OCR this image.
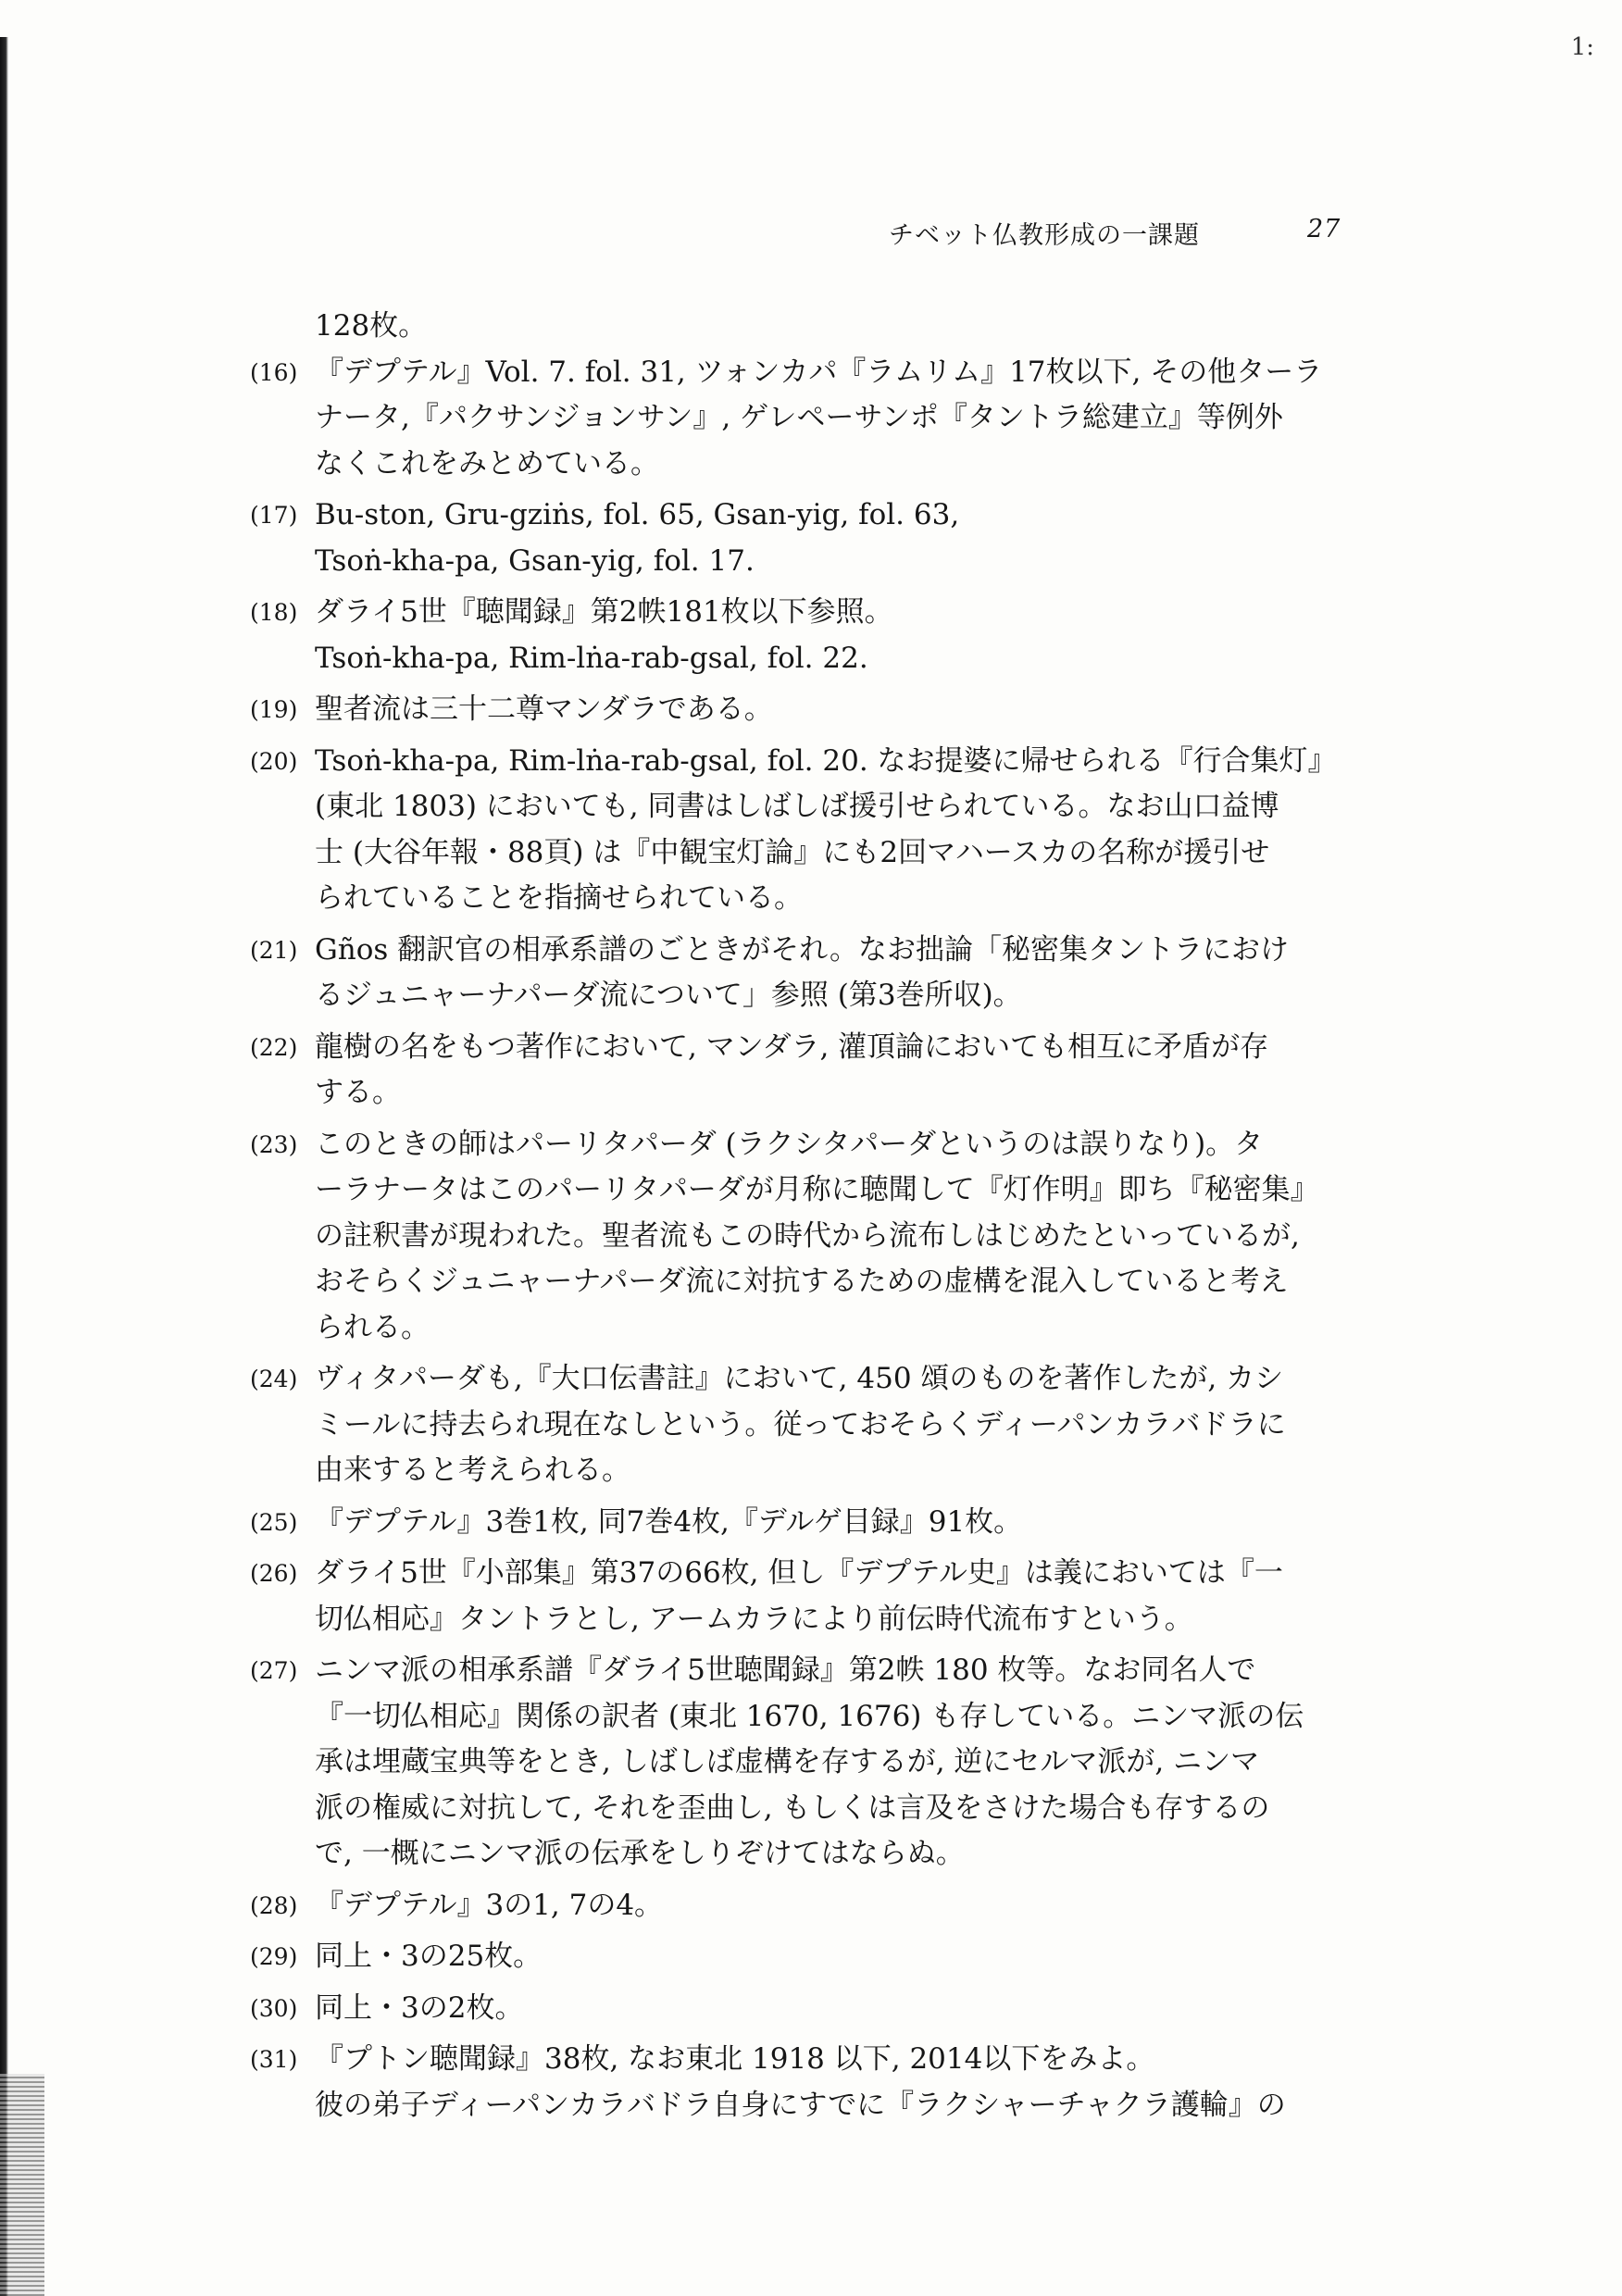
1:
チベット仏教形成の一課題	27
128枚。
(16) 『デプテル』Vol. 7. fol. 31, ツォンカパ『ラムリム』17枚以下, その他ターラ
ナータ,『パクサンジョンサン』, ゲレペーサンポ『タントラ総建立』等例外
なくこれをみとめている。
(17) Bu-ston, Gru-gziṅs, fol. 65, Gsan-yig, fol. 63,
Tsoṅ-kha-pa, Gsan-yig, fol. 17.
(18) ダライ5世『聴聞録』第2帙181枚以下参照。
Tsoṅ-kha-pa, Rim-lṅa-rab-gsal, fol. 22.
(19) 聖者流は三十二尊マンダラである。
(20) Tsoṅ-kha-pa, Rim-lṅa-rab-gsal, fol. 20. なお提婆に帰せられる『行合集灯』
(東北 1803) においても, 同書はしばしば援引せられている。なお山口益博
士 (大谷年報・88頁) は『中観宝灯論』にも2回マハースカの名称が援引せ
られていることを指摘せられている。
(21) Gños 翻訳官の相承系譜のごときがそれ。なお拙論「秘密集タントラにおけ
るジュニャーナパーダ流について」参照 (第3巻所収)。
(22) 龍樹の名をもつ著作において, マンダラ, 灌頂論においても相互に矛盾が存
する。
(23) このときの師はパーリタパーダ (ラクシタパーダというのは誤りなり)。タ
ーラナータはこのパーリタパーダが月称に聴聞して『灯作明』即ち『秘密集』
の註釈書が現われた。聖者流もこの時代から流布しはじめたといっているが,
おそらくジュニャーナパーダ流に対抗するための虚構を混入していると考え
られる。
(24) ヴィタパーダも,『大口伝書註』において, 450 頌のものを著作したが, カシ
ミールに持去られ現在なしという。従っておそらくディーパンカラバドラに
由来すると考えられる。
(25) 『デプテル』3巻1枚, 同7巻4枚,『デルゲ目録』91枚。
(26) ダライ5世『小部集』第37の66枚, 但し『デプテル史』は義においては『一
切仏相応』タントラとし, アームカラにより前伝時代流布すという。
(27) ニンマ派の相承系譜『ダライ5世聴聞録』第2帙 180 枚等。なお同名人で
『一切仏相応』関係の訳者 (東北 1670, 1676) も存している。ニンマ派の伝
承は埋蔵宝典等をとき, しばしば虚構を存するが, 逆にセルマ派が, ニンマ
派の権威に対抗して, それを歪曲し, もしくは言及をさけた場合も存するの
で, 一概にニンマ派の伝承をしりぞけてはならぬ。
(28) 『デプテル』3の1, 7の4。
(29) 同上・3の25枚。
(30) 同上・3の2枚。
(31) 『プトン聴聞録』38枚, なお東北 1918 以下, 2014以下をみよ。
彼の弟子ディーパンカラバドラ自身にすでに『ラクシャーチャクラ護輪』の
